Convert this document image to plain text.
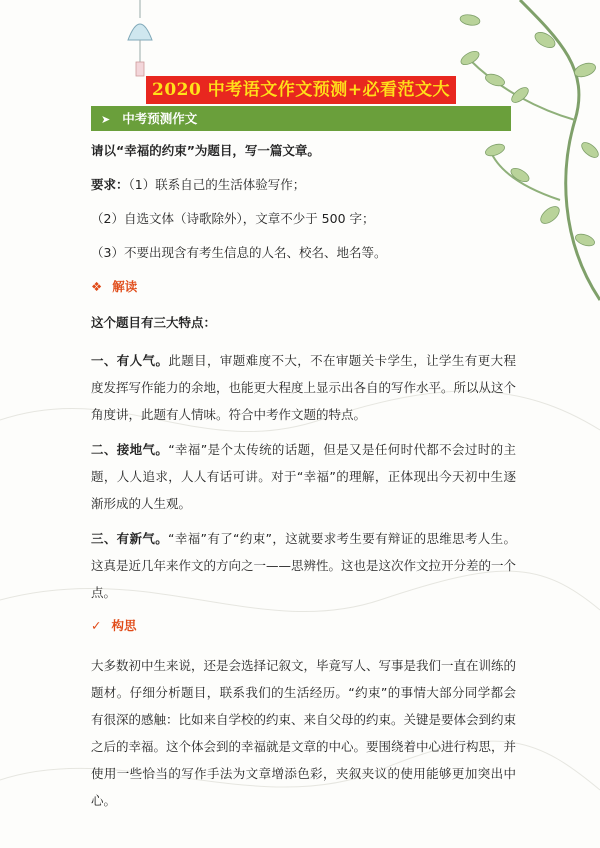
2020 中考语文作文预测+必看范文大
➤ 中考预测作文

请以“幸福的约束”为题目，写一篇文章。

要求：（1）联系自己的生活体验写作；

（2）自选文体（诗歌除外），文章不少于 500 字；

（3）不要出现含有考生信息的人名、校名、地名等。

❖ 解读

这个题目有三大特点：

一、有人气。此题目，审题难度不大，不在审题关卡学生，让学生有更大程度发挥写作能力的余地，也能更大程度上显示出各自的写作水平。所以从这个角度讲，此题有人情味。符合中考作文题的特点。

二、接地气。“幸福”是个太传统的话题，但是又是任何时代都不会过时的主题，人人追求，人人有话可讲。对于“幸福”的理解，正体现出今天初中生逐渐形成的人生观。

三、有新气。“幸福”有了“约束”，这就要求考生要有辩证的思维思考人生。这真是近几年来作文的方向之一——思辨性。这也是这次作文拉开分差的一个点。

✓ 构思

大多数初中生来说，还是会选择记叙文，毕竟写人、写事是我们一直在训练的题材。仔细分析题目，联系我们的生活经历。“约束”的事情大部分同学都会有很深的感触：比如来自学校的约束、来自父母的约束。关键是要体会到约束之后的幸福。这个体会到的幸福就是文章的中心。要围绕着中心进行构思，并使用一些恰当的写作手法为文章增添色彩，夹叙夹议的使用能够更加突出中心。
